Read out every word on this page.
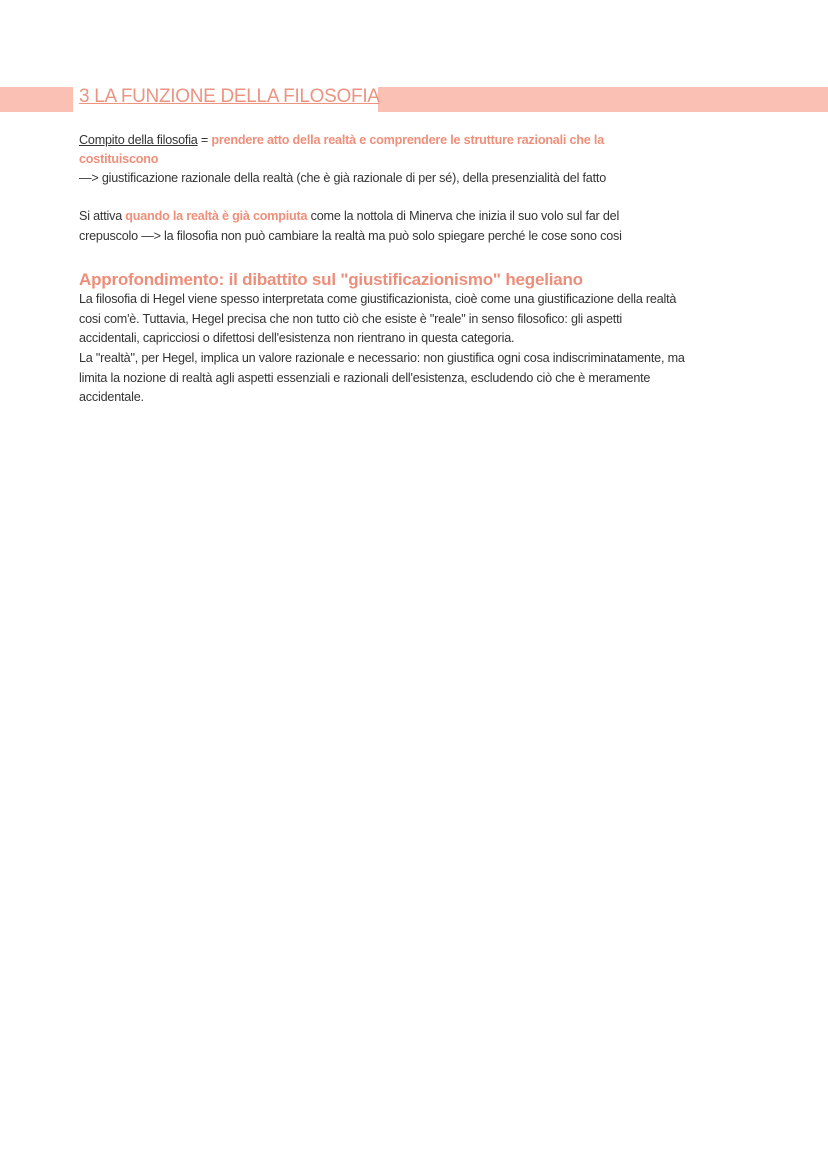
3 LA FUNZIONE DELLA FILOSOFIA
Compito della filosofia = prendere atto della realtà e comprendere le strutture razionali che la
costituiscono
—> giustificazione razionale della realtà (che è già razionale di per sé), della presenzialità del fatto
Si attiva quando la realtà è già compiuta come la nottola di Minerva che inizia il suo volo sul far del
crepuscolo —> la filosofia non può cambiare la realtà ma può solo spiegare perché le cose sono cosi
Approfondimento: il dibattito sul "giustificazionismo" hegeliano
La filosofia di Hegel viene spesso interpretata come giustificazionista, cioè come una giustificazione della realtà
cosi com'è. Tuttavia, Hegel precisa che non tutto ciò che esiste è "reale" in senso filosofico: gli aspetti
accidentali, capricciosi o difettosi dell'esistenza non rientrano in questa categoria.
La "realtà", per Hegel, implica un valore razionale e necessario: non giustifica ogni cosa indiscriminatamente, ma
limita la nozione di realtà agli aspetti essenziali e razionali dell'esistenza, escludendo ciò che è meramente
accidentale.
